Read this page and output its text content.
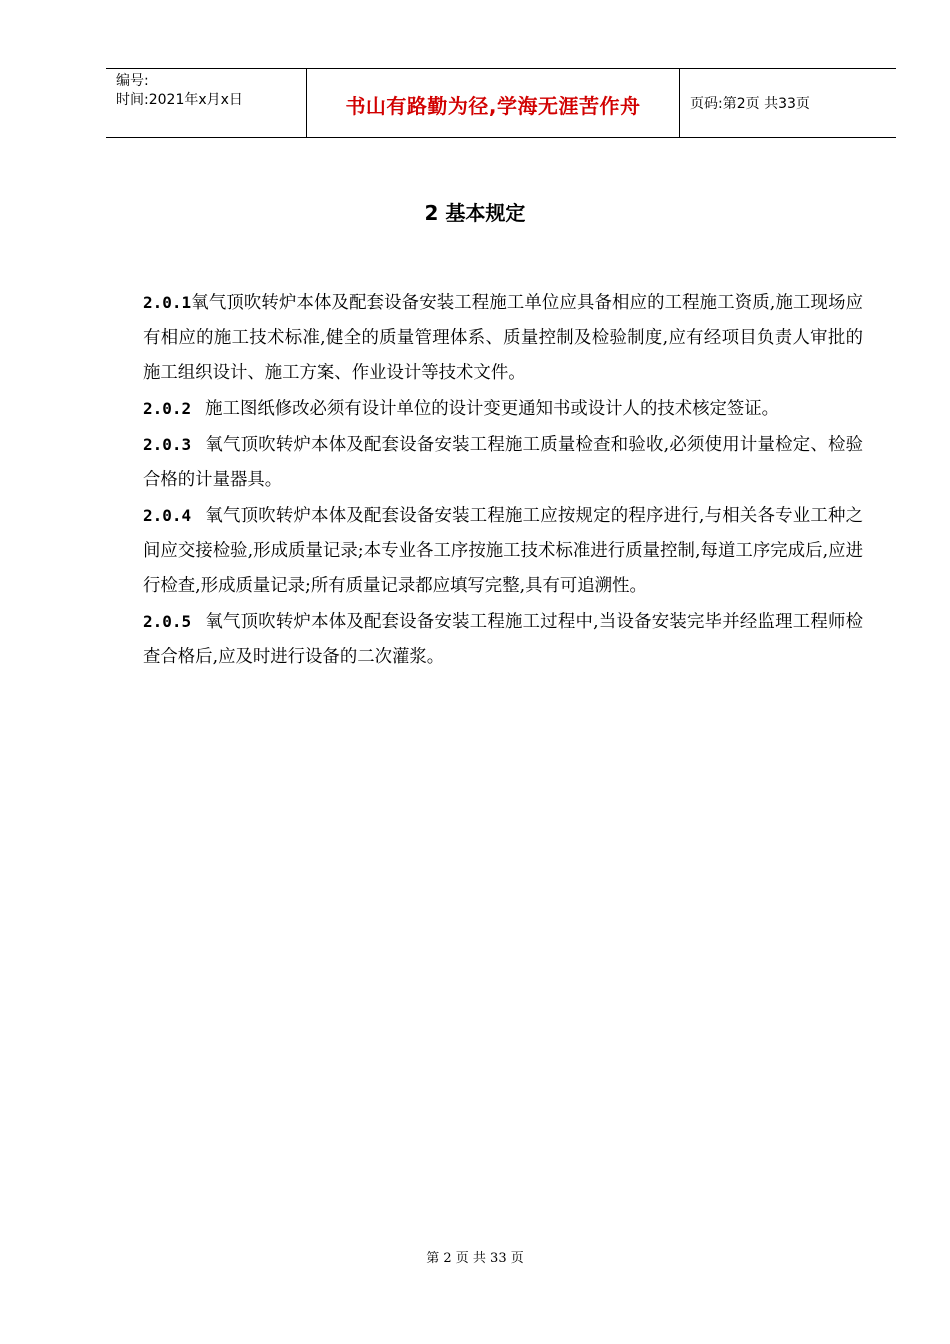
编号:
时间:2021年x月x日	书山有路勤为径,学海无涯苦作舟	页码:第2页 共33页
2 基本规定

2.0.1氧气顶吹转炉本体及配套设备安装工程施工单位应具备相应的工程施工资质,施工现场应有相应的施工技术标准,健全的质量管理体系、质量控制及检验制度,应有经项目负责人审批的施工组织设计、施工方案、作业设计等技术文件。

2.0.2 施工图纸修改必须有设计单位的设计变更通知书或设计人的技术核定签证。

2.0.3 氧气顶吹转炉本体及配套设备安装工程施工质量检查和验收,必须使用计量检定、检验合格的计量器具。

2.0.4 氧气顶吹转炉本体及配套设备安装工程施工应按规定的程序进行,与相关各专业工种之间应交接检验,形成质量记录;本专业各工序按施工技术标准进行质量控制,每道工序完成后,应进行检查,形成质量记录;所有质量记录都应填写完整,具有可追溯性。

2.0.5 氧气顶吹转炉本体及配套设备安装工程施工过程中,当设备安装完毕并经监理工程师检查合格后,应及时进行设备的二次灌浆。

第 2 页 共 33 页
